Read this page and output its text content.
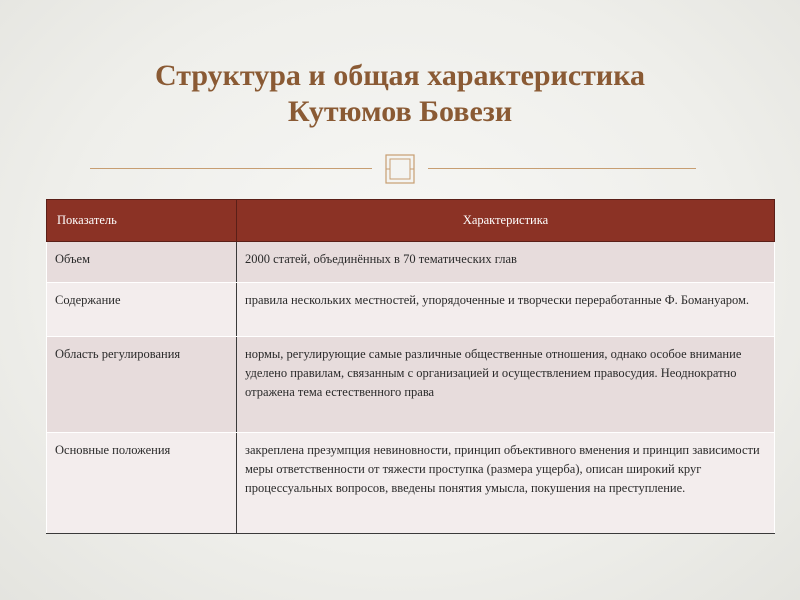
Структура и общая характеристика
Кутюмов Бовези
Показатель	Характеристика
Объем	2000 статей, объединённых в 70 тематических глав
Содержание	правила нескольких местностей, упорядоченные и творчески переработанные Ф. Бомануаром.
Область регулирования	нормы, регулирующие самые различные общественные отношения, однако особое внимание уделено правилам, связанным с организацией и осуществлением правосудия. Неоднократно отражена тема естественного права
Основные положения	закреплена презумпция невиновности, принцип объективного вменения и принцип зависимости меры ответственности от тяжести проступка (размера ущерба), описан широкий круг процессуальных вопросов, введены понятия умысла, покушения на преступление.
